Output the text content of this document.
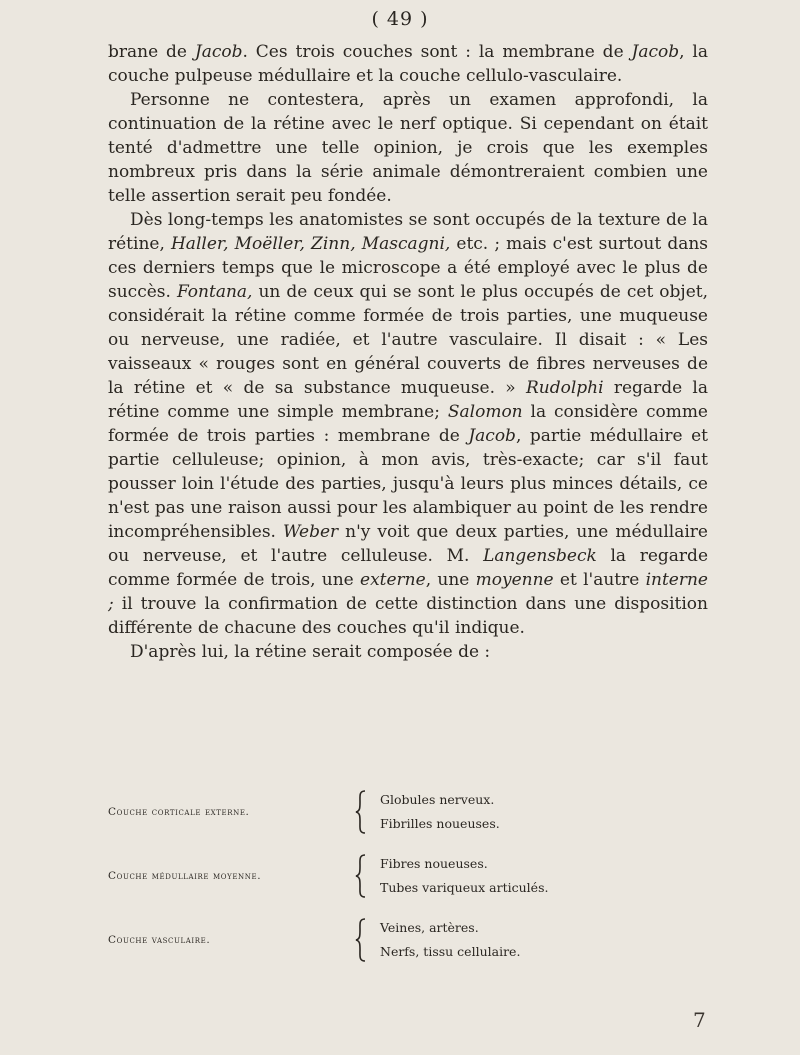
( 49 )

brane de Jacob. Ces trois couches sont : la membrane de Jacob, la couche pulpeuse médullaire et la couche cellulo-vasculaire.

Personne ne contestera, après un examen approfondi, la continuation de la rétine avec le nerf optique. Si cependant on était tenté d'admettre une telle opinion, je crois que les exemples nombreux pris dans la série animale démontreraient combien une telle assertion serait peu fondée.

Dès long-temps les anatomistes se sont occupés de la texture de la rétine, Haller, Moëller, Zinn, Mascagni, etc. ; mais c'est surtout dans ces derniers temps que le microscope a été employé avec le plus de succès. Fontana, un de ceux qui se sont le plus occupés de cet objet, considérait la rétine comme formée de trois parties, une muqueuse ou nerveuse, une radiée, et l'autre vasculaire. Il disait : « Les vaisseaux « rouges sont en général couverts de fibres nerveuses de la rétine et « de sa substance muqueuse. » Rudolphi regarde la rétine comme une simple membrane; Salomon la considère comme formée de trois parties : membrane de Jacob, partie médullaire et partie celluleuse; opinion, à mon avis, très-exacte; car s'il faut pousser loin l'étude des parties, jusqu'à leurs plus minces détails, ce n'est pas une raison aussi pour les alambiquer au point de les rendre incompréhensibles. Weber n'y voit que deux parties, une médullaire ou nerveuse, et l'autre celluleuse. M. Langensbeck la regarde comme formée de trois, une externe, une moyenne et l'autre interne ; il trouve la confirmation de cette distinction dans une disposition différente de chacune des couches qu'il indique.

D'après lui, la rétine serait composée de :

Couche corticale externe.
Globules nerveux.
Fibrilles noueuses.
Couche médullaire moyenne.
Fibres noueuses.
Tubes variqueux articulés.
Couche vasculaire.
Veines, artères.
Nerfs, tissu cellulaire.
7
